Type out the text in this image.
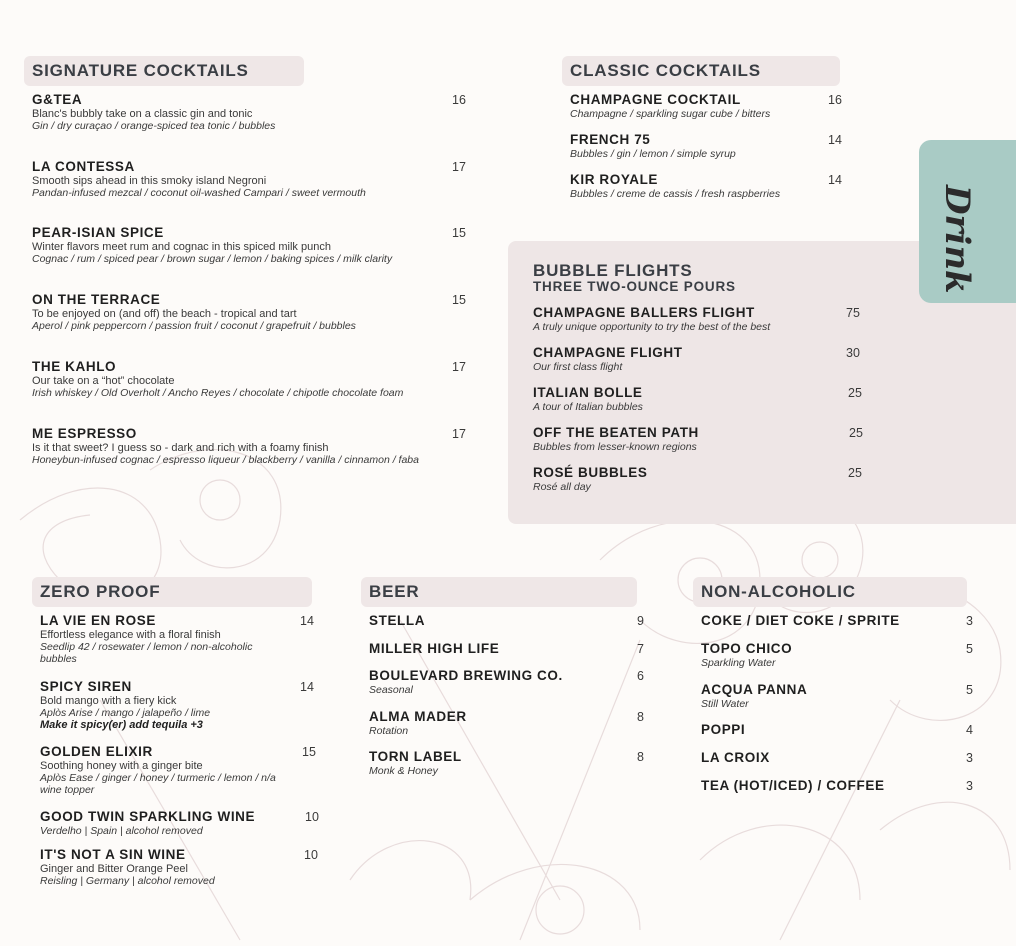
SIGNATURE COCKTAILS
G&TEA
Blanc's bubbly take on a classic gin and tonic
Gin / dry curaçao / orange-spiced tea tonic / bubbles
16
LA CONTESSA
Smooth sips ahead in this smoky island Negroni
Pandan-infused mezcal / coconut oil-washed Campari / sweet vermouth
17
PEAR-ISIAN SPICE
Winter flavors meet rum and cognac in this spiced milk punch
Cognac / rum / spiced pear / brown sugar / lemon / baking spices / milk clarity
15
ON THE TERRACE
To be enjoyed on (and off) the beach - tropical and tart
Aperol / pink peppercorn / passion fruit / coconut / grapefruit / bubbles
15
THE KAHLO
Our take on a “hot” chocolate
Irish whiskey / Old Overholt / Ancho Reyes / chocolate / chipotle chocolate foam
17
ME ESPRESSO
Is it that sweet? I guess so - dark and rich with a foamy finish
Honeybun-infused cognac / espresso liqueur / blackberry / vanilla / cinnamon / faba
17
CLASSIC COCKTAILS
CHAMPAGNE COCKTAIL
Champagne / sparkling sugar cube / bitters
16
FRENCH 75
Bubbles / gin / lemon / simple syrup
14
KIR ROYALE
Bubbles / creme de cassis / fresh raspberries
14
Drink
BUBBLE FLIGHTS
THREE TWO-OUNCE POURS
CHAMPAGNE BALLERS FLIGHT
A truly unique opportunity to try the best of the best
75
CHAMPAGNE FLIGHT
Our first class flight
30
ITALIAN BOLLE
A tour of Italian bubbles
25
OFF THE BEATEN PATH
Bubbles from lesser-known regions
25
ROSÉ BUBBLES
Rosé all day
25
ZERO PROOF
LA VIE EN ROSE
Effortless elegance with a floral finish
Seedlip 42 / rosewater / lemon / non-alcoholic bubbles
14
SPICY SIREN
Bold mango with a fiery kick
Aplòs Arise / mango / jalapeño / lime
Make it spicy(er) add tequila +3
14
GOLDEN ELIXIR
Soothing honey with a ginger bite
Aplòs Ease / ginger / honey / turmeric / lemon / n/a wine topper
15
GOOD TWIN SPARKLING WINE
Verdelho | Spain | alcohol removed
10
IT'S NOT A SIN WINE
Ginger and Bitter Orange Peel
Reisling | Germany | alcohol removed
10
BEER
STELLA	9
MILLER HIGH LIFE	7
BOULEVARD BREWING CO.
Seasonal
6
ALMA MADER
Rotation
8
TORN LABEL
Monk & Honey
8
NON-ALCOHOLIC
COKE / DIET COKE / SPRITE	3
TOPO CHICO
Sparkling Water
5
ACQUA PANNA
Still Water
5
POPPI	4
LA CROIX	3
TEA (HOT/ICED) / COFFEE	3
